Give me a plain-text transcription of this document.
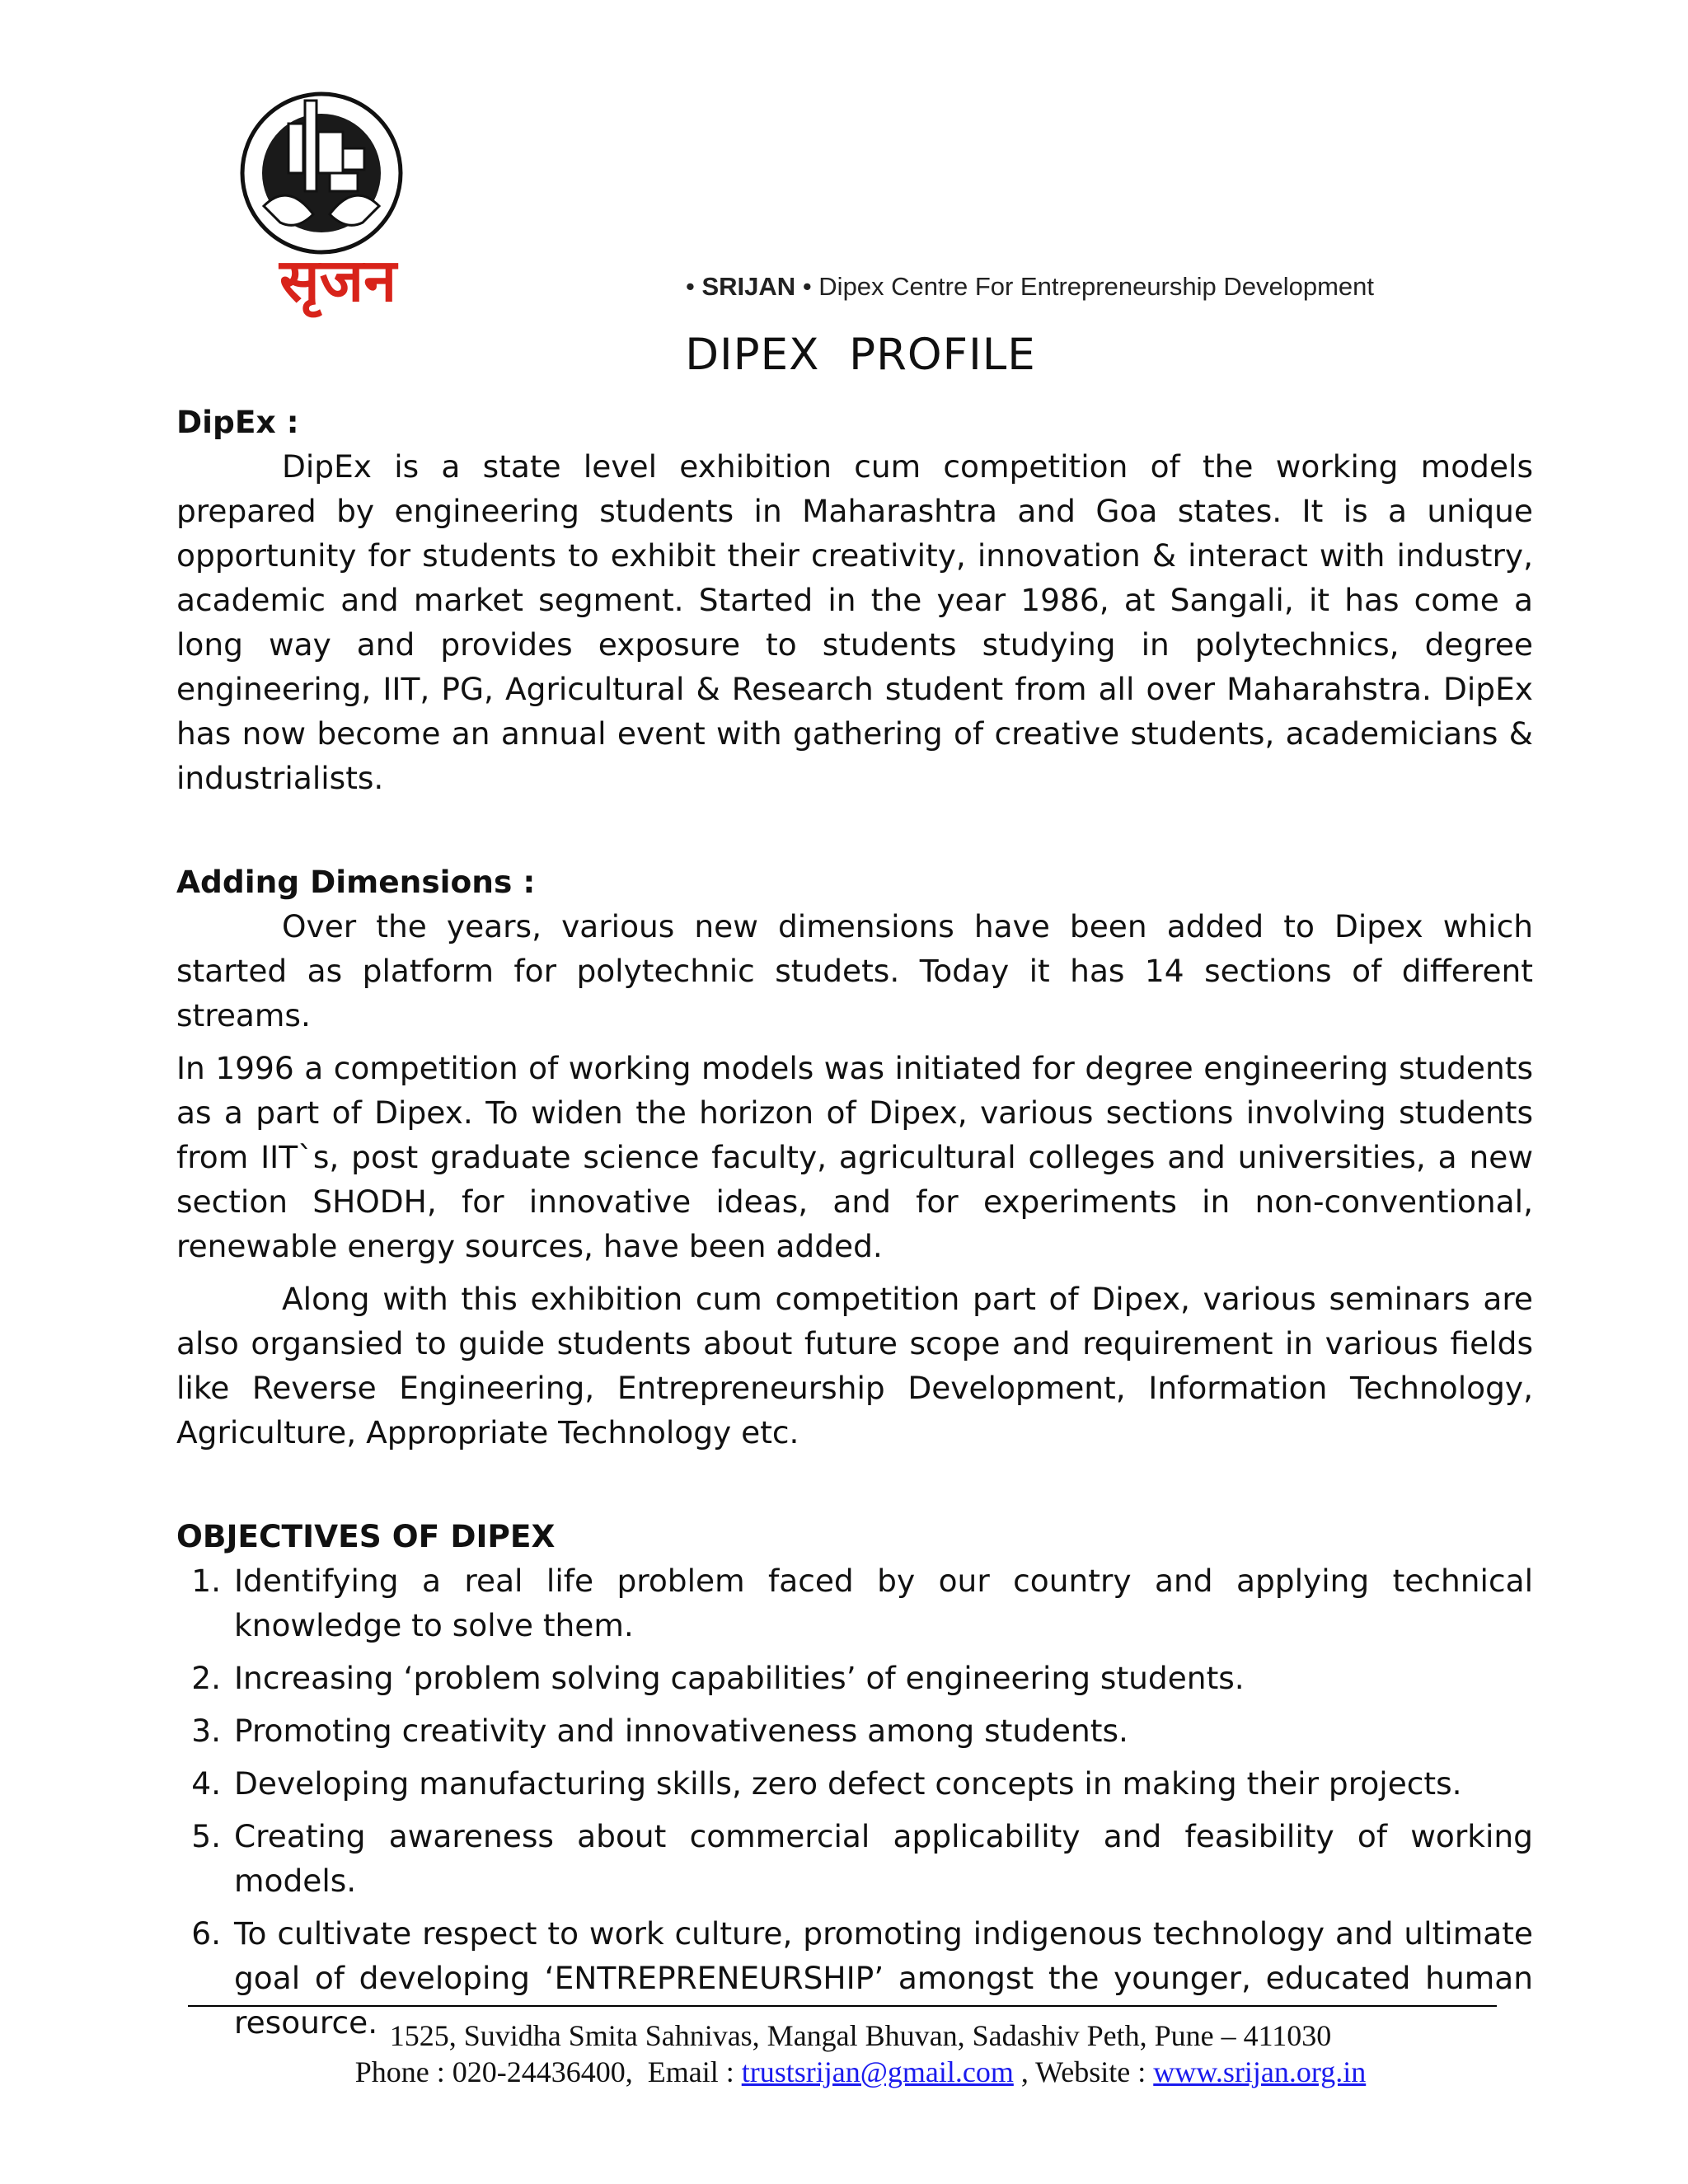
सृजन	• SRIJAN • Dipex Centre For Entrepreneurship Development
DIPEX  PROFILE

DipEx :

DipEx is a state level exhibition cum competition of the working models prepared by engineering students in Maharashtra and Goa states. It is a unique opportunity for students to exhibit their creativity, innovation & interact with industry, academic and market segment. Started in the year 1986, at Sangali, it has come a long way and provides exposure to students studying in polytechnics, degree engineering, IIT, PG, Agricultural & Research student from all over Maharahstra. DipEx has now become an annual event with gathering of creative students, academicians & industrialists.

Adding Dimensions :

Over the years, various new dimensions have been added to Dipex which started as platform for polytechnic studets. Today it has 14 sections of different streams.

In 1996 a competition of working models was initiated for degree engineering students as a part of Dipex. To widen the horizon of Dipex, various sections involving students from IIT`s, post graduate science faculty, agricultural colleges and universities, a new section SHODH, for innovative ideas, and for experiments in non-conventional, renewable energy sources, have been added.

Along with this exhibition cum competition part of Dipex, various seminars are also organsied to guide students about future scope and requirement in various fields like Reverse Engineering, Entrepreneurship Development, Information Technology, Agriculture, Appropriate Technology etc.

OBJECTIVES OF DIPEX

1. Identifying a real life problem faced by our country and applying technical knowledge to solve them.
2. Increasing ‘problem solving capabilities’ of engineering students.
3. Promoting creativity and innovativeness among students.
4. Developing manufacturing skills, zero defect concepts in making their projects.
5. Creating awareness about commercial applicability and feasibility of working models.
6. To cultivate respect to work culture, promoting indigenous technology and ultimate goal of developing ‘ENTREPRENEURSHIP’ amongst the younger, educated human resource. 1525, Suvidha Smita Sahnivas, Mangal Bhuvan, Sadashiv Peth, Pune – 411030
Phone : 020-24436400,  Email : trustsrijan@gmail.com , Website : www.srijan.org.in
